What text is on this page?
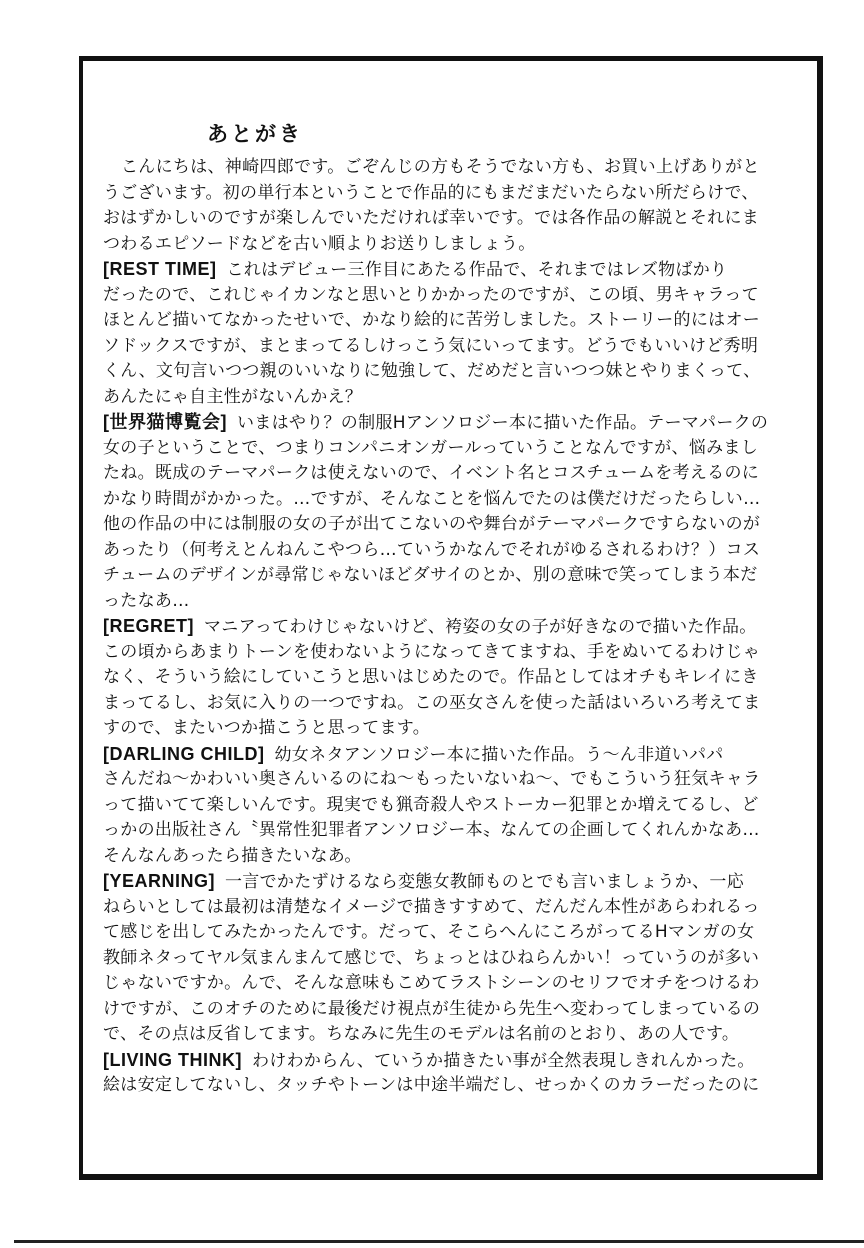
あとがき
こんにちは、神崎四郎です。ごぞんじの方もそうでない方も、お買い上げありがと
うございます。初の単行本ということで作品的にもまだまだいたらない所だらけで、
おはずかしいのですが楽しんでいただければ幸いです。では各作品の解説とそれにま
つわるエピソードなどを古い順よりお送りしましょう。
[REST TIME] これはデビュー三作目にあたる作品で、それまではレズ物ばかり
だったので、これじゃイカンなと思いとりかかったのですが、この頃、男キャラって
ほとんど描いてなかったせいで、かなり絵的に苦労しました。ストーリー的にはオー
ソドックスですが、まとまってるしけっこう気にいってます。どうでもいいけど秀明
くん、文句言いつつ親のいいなりに勉強して、だめだと言いつつ妹とやりまくって、
あんたにゃ自主性がないんかえ？
[世界猫博覧会] いまはやり？の制服Hアンソロジー本に描いた作品。テーマパークの
女の子ということで、つまりコンパニオンガールっていうことなんですが、悩みまし
たね。既成のテーマパークは使えないので、イベント名とコスチュームを考えるのに
かなり時間がかかった。…ですが、そんなことを悩んでたのは僕だけだったらしい…
他の作品の中には制服の女の子が出てこないのや舞台がテーマパークですらないのが
あったり（何考えとんねんこやつら…ていうかなんでそれがゆるされるわけ？）コス
チュームのデザインが尋常じゃないほどダサイのとか、別の意味で笑ってしまう本だ
ったなあ…
[REGRET] マニアってわけじゃないけど、袴姿の女の子が好きなので描いた作品。
この頃からあまりトーンを使わないようになってきてますね、手をぬいてるわけじゃ
なく、そういう絵にしていこうと思いはじめたので。作品としてはオチもキレイにき
まってるし、お気に入りの一つですね。この巫女さんを使った話はいろいろ考えてま
すので、またいつか描こうと思ってます。
[DARLING CHILD] 幼女ネタアンソロジー本に描いた作品。う〜ん非道いパパ
さんだね〜かわいい奥さんいるのにね〜もったいないね〜、でもこういう狂気キャラ
って描いてて楽しいんです。現実でも猟奇殺人やストーカー犯罪とか増えてるし、ど
っかの出版社さん〝異常性犯罪者アンソロジー本〟なんての企画してくれんかなあ…
そんなんあったら描きたいなあ。
[YEARNING] 一言でかたずけるなら変態女教師ものとでも言いましょうか、一応
ねらいとしては最初は清楚なイメージで描きすすめて、だんだん本性があらわれるっ
て感じを出してみたかったんです。だって、そこらへんにころがってるHマンガの女
教師ネタってヤル気まんまんて感じで、ちょっとはひねらんかい！っていうのが多い
じゃないですか。んで、そんな意味もこめてラストシーンのセリフでオチをつけるわ
けですが、このオチのために最後だけ視点が生徒から先生へ変わってしまっているの
で、その点は反省してます。ちなみに先生のモデルは名前のとおり、あの人です。
[LIVING THINK] わけわからん、ていうか描きたい事が全然表現しきれんかった。
絵は安定してないし、タッチやトーンは中途半端だし、せっかくのカラーだったのに
